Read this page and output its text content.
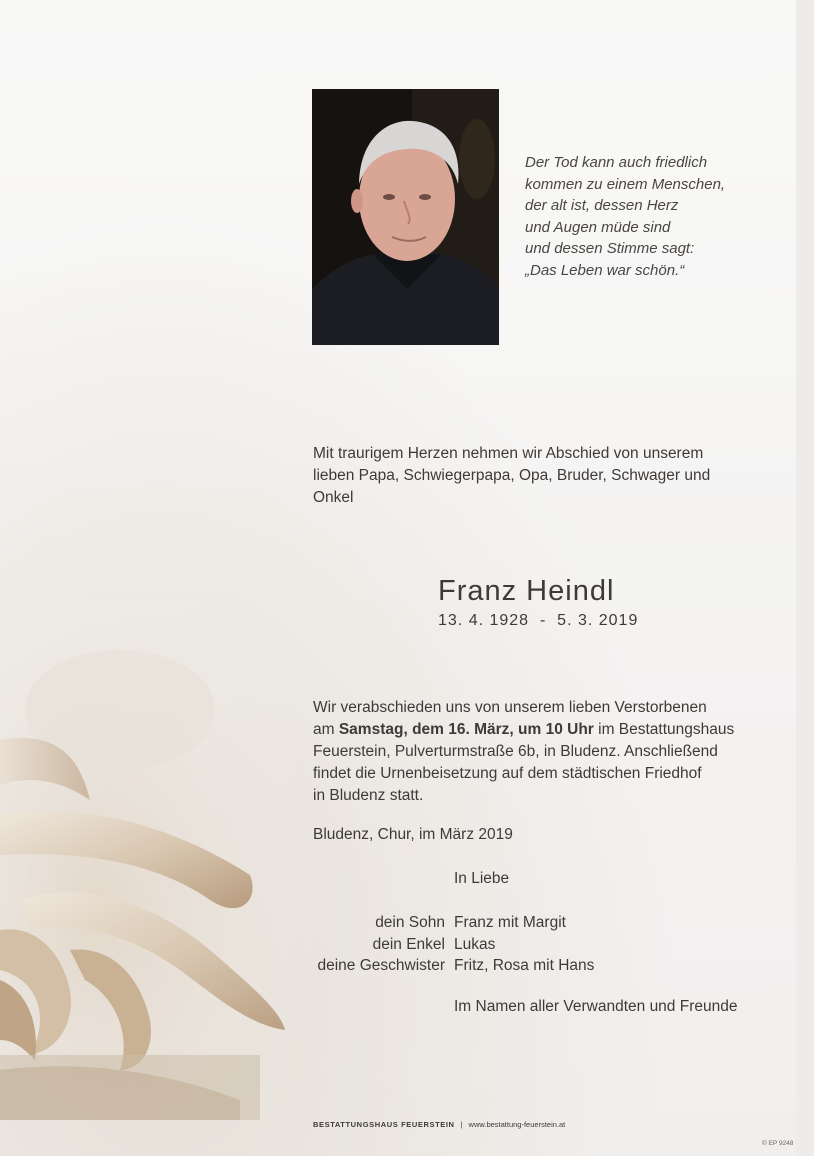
Der Tod kann auch friedlich
kommen zu einem Menschen,
der alt ist, dessen Herz
und Augen müde sind
und dessen Stimme sagt:
„Das Leben war schön.“
Mit traurigem Herzen nehmen wir Abschied von unserem
lieben Papa, Schwiegerpapa, Opa, Bruder, Schwager und
Onkel
Franz Heindl
13. 4. 1928  -  5. 3. 2019
Wir verabschieden uns von unserem lieben Verstorbenen
am Samstag, dem 16. März, um 10 Uhr im Bestattungshaus
Feuerstein, Pulverturmstraße 6b, in Bludenz. Anschließend
findet die Urnenbeisetzung auf dem städtischen Friedhof
in Bludenz statt.
Bludenz, Chur, im März 2019
In Liebe
dein Sohn Franz mit Margit
dein Enkel Lukas
deine Geschwister Fritz, Rosa mit Hans
Im Namen aller Verwandten und Freunde
BESTATTUNGSHAUS FEUERSTEIN | www.bestattung-feuerstein.at
© EP 9248
